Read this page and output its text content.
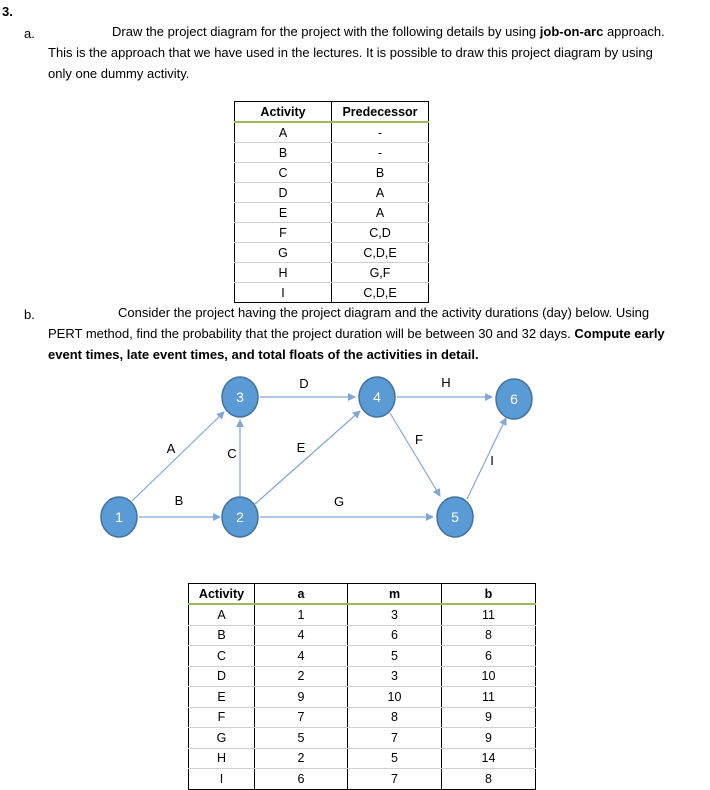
3.
a.	Draw the project diagram for the project with the following details by using job-on-arc approach.
This is the approach that we have used in the lectures. It is possible to draw this project diagram by using
only one dummy activity.
Activity	Predecessor
A	-
B	-
C	B
D	A
E	A
F	C,D
G	C,D,E
H	G,F
I	C,D,E
b.	Consider the project having the project diagram and the activity durations (day) below. Using
PERT method, find the probability that the project duration will be between 30 and 32 days. Compute early
event times, late event times, and total floats of the activities in detail.
1	2
3	4
5
6
A
B
C
D
E
F
G
H
I
Activity	a	m	b
A	1	3	11
B	4	6	8
C	4	5	6
D	2	3	10
E	9	10	11
F	7	8	9
G	5	7	9
H	2	5	14
I	6	7	8
